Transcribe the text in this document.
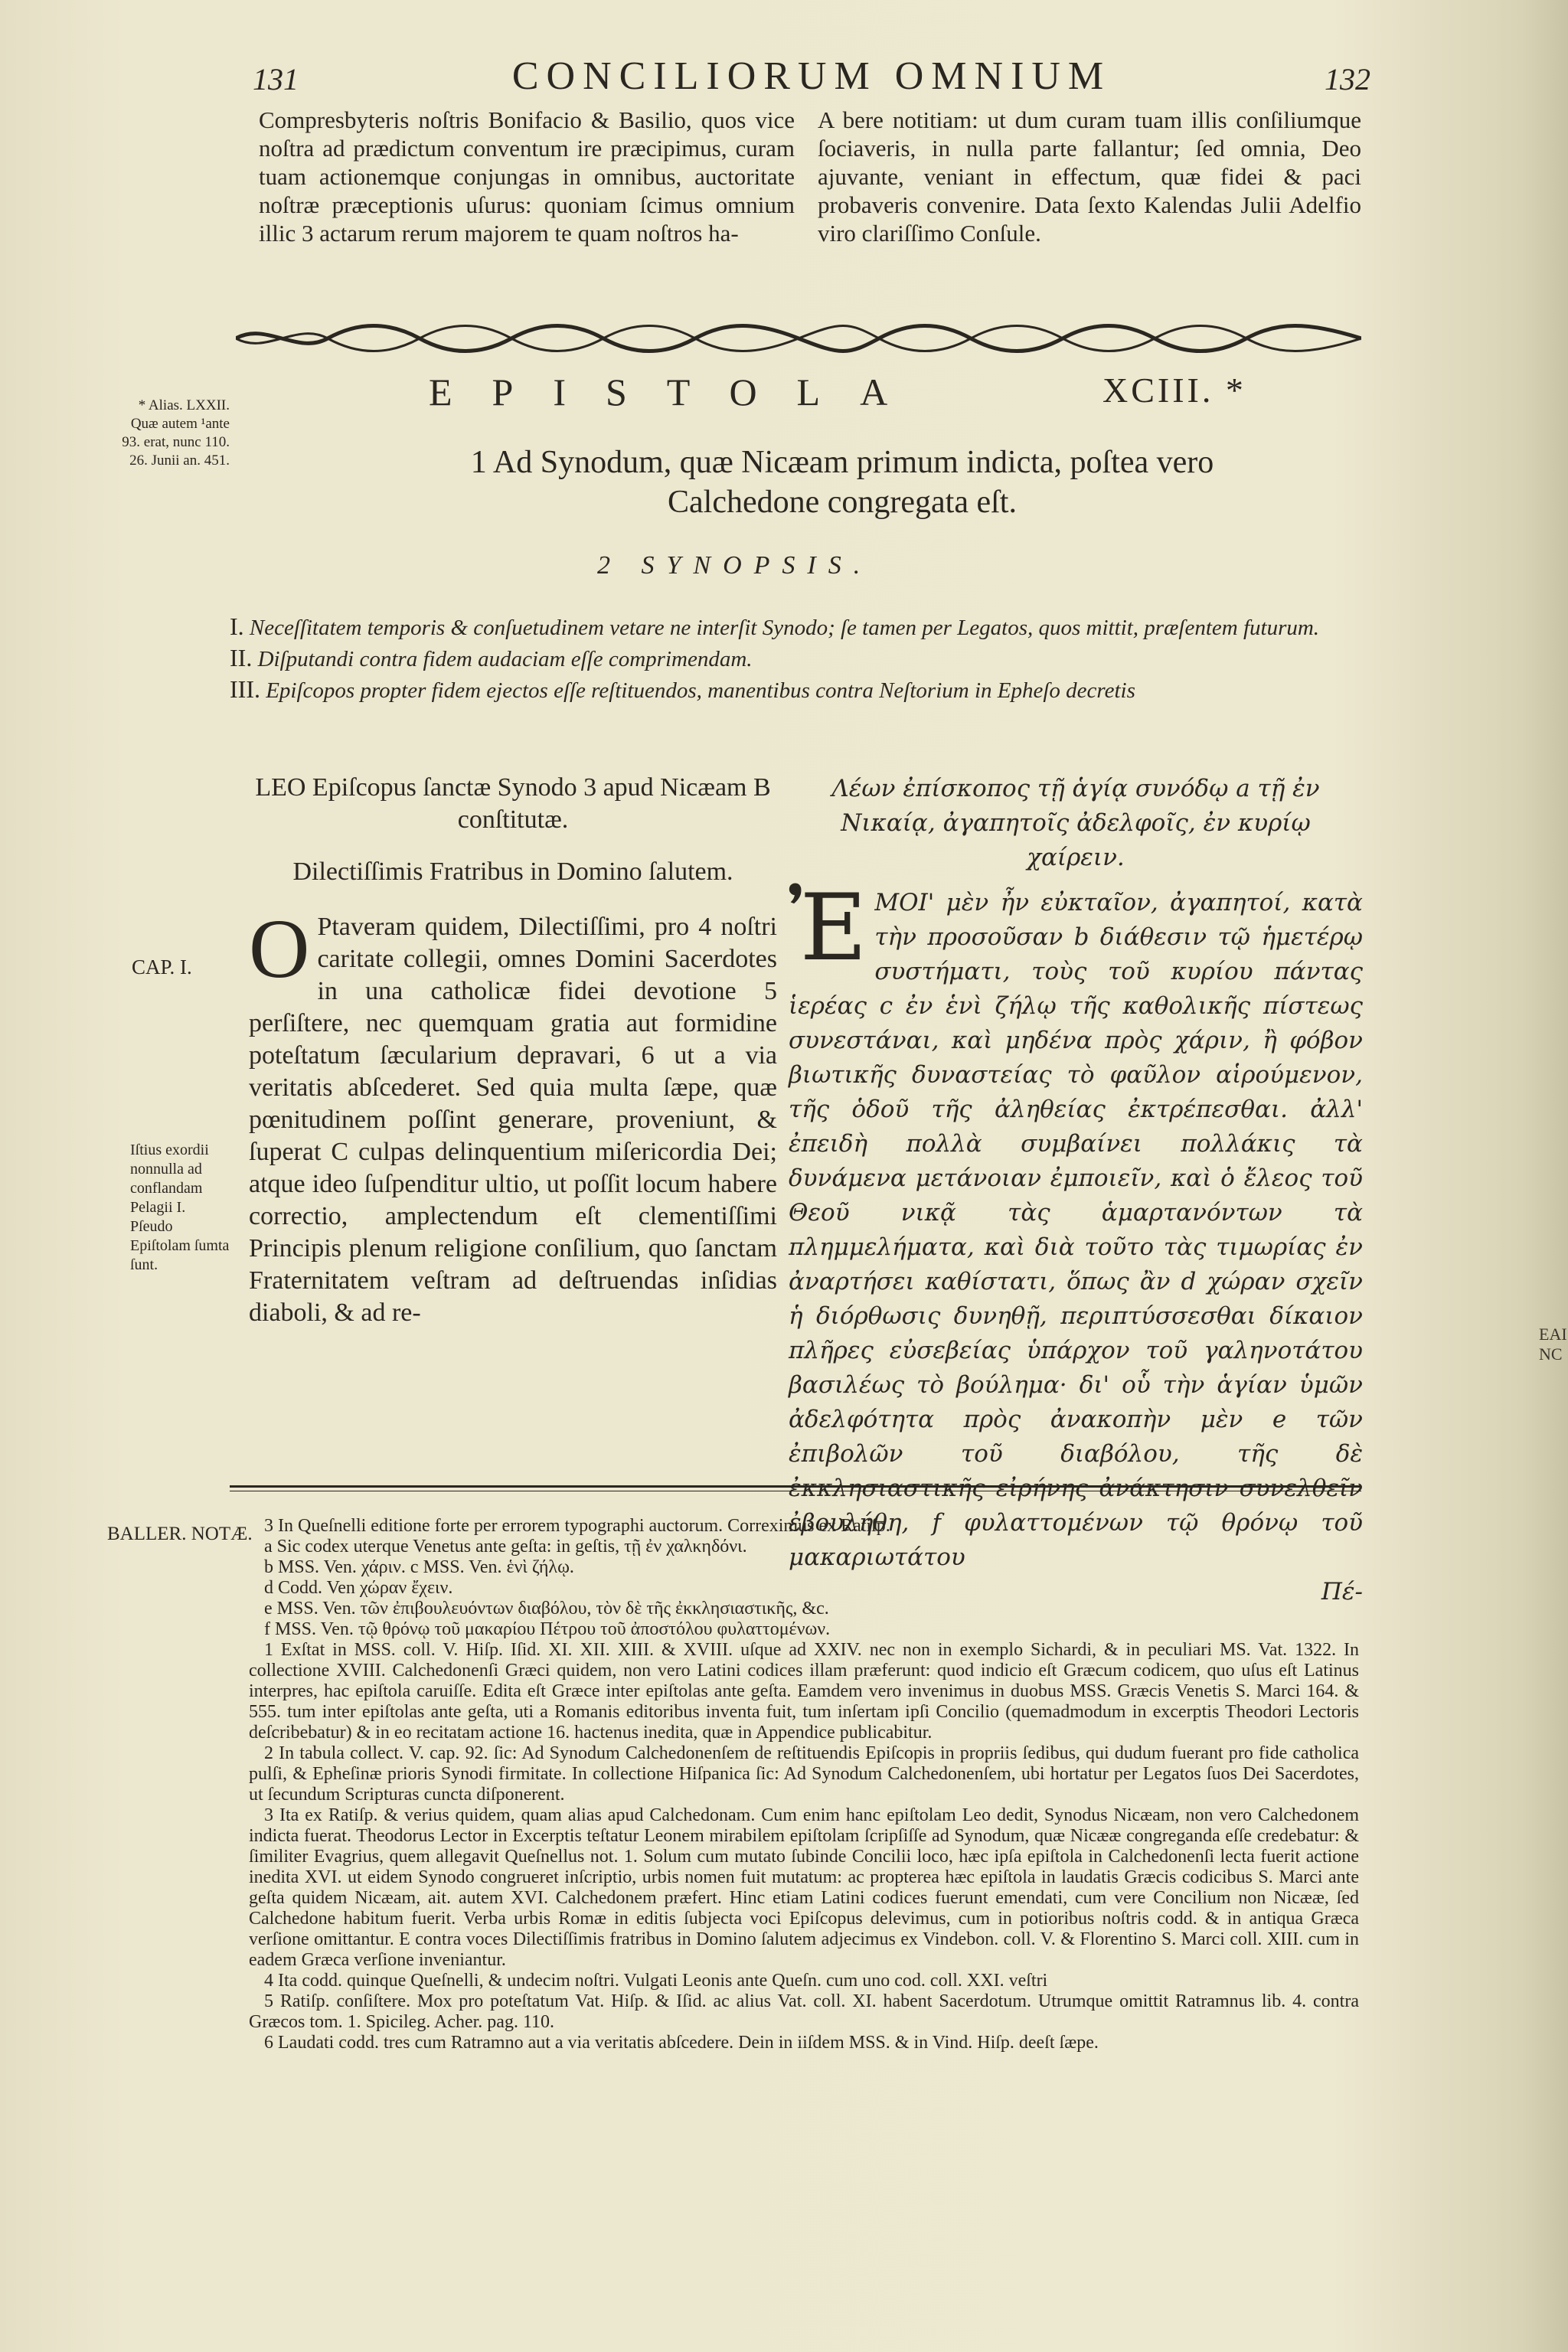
131	CONCILIORUM OMNIUM	132
Compresbyteris noſtris Bonifacio & Basilio, quos vice noſtra ad prædictum conventum ire præcipimus, curam tuam actionemque conjungas in omnibus, auctoritate noſtræ præceptionis uſurus: quoniam ſcimus omnium illic 3 actarum rerum majorem te quam noſtros ha-
A bere notitiam: ut dum curam tuam illis conſiliumque ſociaveris, in nulla parte fallantur; ſed omnia, Deo ajuvante, veniant in effectum, quæ fidei & paci probaveris convenire. Data ſexto Kalendas Julii Adelfio viro clariſſimo Conſule.
* Alias. LXXII. Quæ autem ¹ante 93. erat, nunc 110. 26. Junii an. 451.
EPISTOLA	XCIII. *
1 Ad Synodum, quæ Nicæam primum indicta, poſtea vero
Calchedone congregata eſt.
2 SYNOPSIS.
I. Neceſſitatem temporis & conſuetudinem vetare ne interſit Synodo; ſe tamen per Legatos, quos mittit, præſentem futurum.
II. Diſputandi contra fidem audaciam eſſe comprimendam.
III. Epiſcopos propter fidem ejectos eſſe reſtituendos, manentibus contra Neſtorium in Epheſo decretis
LEO Epiſcopus ſanctæ Synodo 3 apud Nicæam B conſtitutæ.
Dilectiſſimis Fratribus in Domino ſalutem.
O Ptaveram quidem, Dilectiſſimi, pro 4 noſtri caritate collegii, omnes Domini Sacerdotes in una catholicæ fidei devotione 5 perſiſtere, nec quemquam gratia aut formidine poteſtatum ſæcularium depravari, 6 ut a via veritatis abſcederet. Sed quia multa ſæpe, quæ pœnitudinem poſſint generare, proveniunt, & ſuperat C culpas delinquentium miſericordia Dei; atque ideo ſuſpenditur ultio, ut poſſit locum habere correctio, amplectendum eſt clementiſſimi Principis plenum religione conſilium, quo ſanctam Fraternitatem veſtram ad deſtruendas inſidias diaboli, & ad re-
Λέων ἐπίσκοπος τῇ ἁγίᾳ συνόδῳ a τῇ ἐν Νικαίᾳ, ἀγαπητοῖς ἀδελφοῖς, ἐν κυρίῳ χαίρειν.
Ἐ ΜΟΙ' μὲν ἦν εὐκταῖον, ἀγαπητοί, κατὰ τὴν προσοῦσαν b διάθεσιν τῷ ἡμετέρῳ συστήματι, τοὺς τοῦ κυρίου πάντας ἱερέας c ἐν ἑνὶ ζήλῳ τῆς καθολικῆς πίστεως συνεστάναι, καὶ μηδένα πρὸς χάριν, ἢ φόβον βιωτικῆς δυναστείας τὸ φαῦλον αἱρούμενον, τῆς ὁδοῦ τῆς ἀληθείας ἐκτρέπεσθαι. ἀλλ' ἐπειδὴ πολλὰ συμβαίνει πολλάκις τὰ δυνάμενα μετάνοιαν ἐμποιεῖν, καὶ ὁ ἔλεος τοῦ Θεοῦ νικᾷ τὰς ἁμαρτανόντων τὰ πλημμελήματα, καὶ διὰ τοῦτο τὰς τιμωρίας ἐν ἀναρτήσει καθίστατι, ὅπως ἂν d χώραν σχεῖν ἡ διόρθωσις δυνηθῇ, περιπτύσσεσθαι δίκαιον πλῆρες εὐσεβείας ὑπάρχον τοῦ γαληνοτάτου βασιλέως τὸ βούλημα· δι' οὗ τὴν ἁγίαν ὑμῶν ἀδελφότητα πρὸς ἀνακοπὴν μὲν e τῶν ἐπιβολῶν τοῦ διαβόλου, τῆς δὲ ἐκκλησιαστικῆς εἰρήνης ἀνάκτησιν συνελθεῖν ἐβουλήθη, f φυλαττομένων τῷ θρόνῳ τοῦ μακαριωτάτου
Πέ-
CAP. I.
Iſtius exordii nonnulla ad conflandam Pelagii I. Pſeudo Epiſtolam ſumta ſunt.
BALLER. NOTÆ. 3 In Queſnelli editione forte per errorem typographi auctorum. Correximus ex Ratiſp.

a Sic codex uterque Venetus ante geſta: in geſtis, τῇ ἐν χαλκηδόνι.

b MSS. Ven. χάριν. c MSS. Ven. ἑνὶ ζήλῳ.

d Codd. Ven χώραν ἔχειν.

e MSS. Ven. τῶν ἐπιβουλευόντων διαβόλου, τὸν δὲ τῆς ἐκκλησιαστικῆς, &c.

f MSS. Ven. τῷ θρόνῳ τοῦ μακαρίου Πέτρου τοῦ ἀποστόλου φυλαττομένων.

1 Exſtat in MSS. coll. V. Hiſp. Iſid. XI. XII. XIII. & XVIII. uſque ad XXIV. nec non in exemplo Sichardi, & in peculiari MS. Vat. 1322. In collectione XVIII. Calchedonenſi Græci quidem, non vero Latini codices illam præferunt: quod indicio eſt Græcum codicem, quo uſus eſt Latinus interpres, hac epiſtola caruiſſe. Edita eſt Græce inter epiſtolas ante geſta. Eamdem vero invenimus in duobus MSS. Græcis Venetis S. Marci 164. & 555. tum inter epiſtolas ante geſta, uti a Romanis editoribus inventa fuit, tum inſertam ipſi Concilio (quemadmodum in excerptis Theodori Lectoris deſcribebatur) & in eo recitatam actione 16. hactenus inedita, quæ in Appendice publicabitur.

2 In tabula collect. V. cap. 92. ſic: Ad Synodum Calchedonenſem de reſtituendis Epiſcopis in propriis ſedibus, qui dudum fuerant pro fide catholica pulſi, & Epheſinæ prioris Synodi firmitate. In collectione Hiſpanica ſic: Ad Synodum Calchedonenſem, ubi hortatur per Legatos ſuos Dei Sacerdotes, ut ſecundum Scripturas cuncta diſponerent.

3 Ita ex Ratiſp. & verius quidem, quam alias apud Calchedonam. Cum enim hanc epiſtolam Leo dedit, Synodus Nicæam, non vero Calchedonem indicta fuerat. Theodorus Lector in Excerptis teſtatur Leonem mirabilem epiſtolam ſcripſiſſe ad Synodum, quæ Nicææ congreganda eſſe credebatur: & ſimiliter Evagrius, quem allegavit Queſnellus not. 1. Solum cum mutato ſubinde Concilii loco, hæc ipſa epiſtola in Calchedonenſi lecta fuerit actione inedita XVI. ut eidem Synodo congrueret inſcriptio, urbis nomen fuit mutatum: ac propterea hæc epiſtola in laudatis Græcis codicibus S. Marci ante geſta quidem Nicæam, ait. autem XVI. Calchedonem præfert. Hinc etiam Latini codices fuerunt emendati, cum vere Concilium non Nicææ, ſed Calchedone habitum fuerit. Verba urbis Romæ in editis ſubjecta voci Epiſcopus delevimus, cum in potioribus noſtris codd. & in antiqua Græca verſione omittantur. E contra voces Dilectiſſimis fratribus in Domino ſalutem adjecimus ex Vindebon. coll. V. & Florentino S. Marci coll. XIII. cum in eadem Græca verſione inveniantur.

4 Ita codd. quinque Queſnelli, & undecim noſtri. Vulgati Leonis ante Queſn. cum uno cod. coll. XXI. veſtri

5 Ratiſp. conſiſtere. Mox pro poteſtatum Vat. Hiſp. & Iſid. ac alius Vat. coll. XI. habent Sacerdotum. Utrumque omittit Ratramnus lib. 4. contra Græcos tom. 1. Spicileg. Acher. pag. 110.

6 Laudati codd. tres cum Ratramno aut a via veritatis abſcedere. Dein in iiſdem MSS. & in Vind. Hiſp. deeſt ſæpe.

EAI NC
